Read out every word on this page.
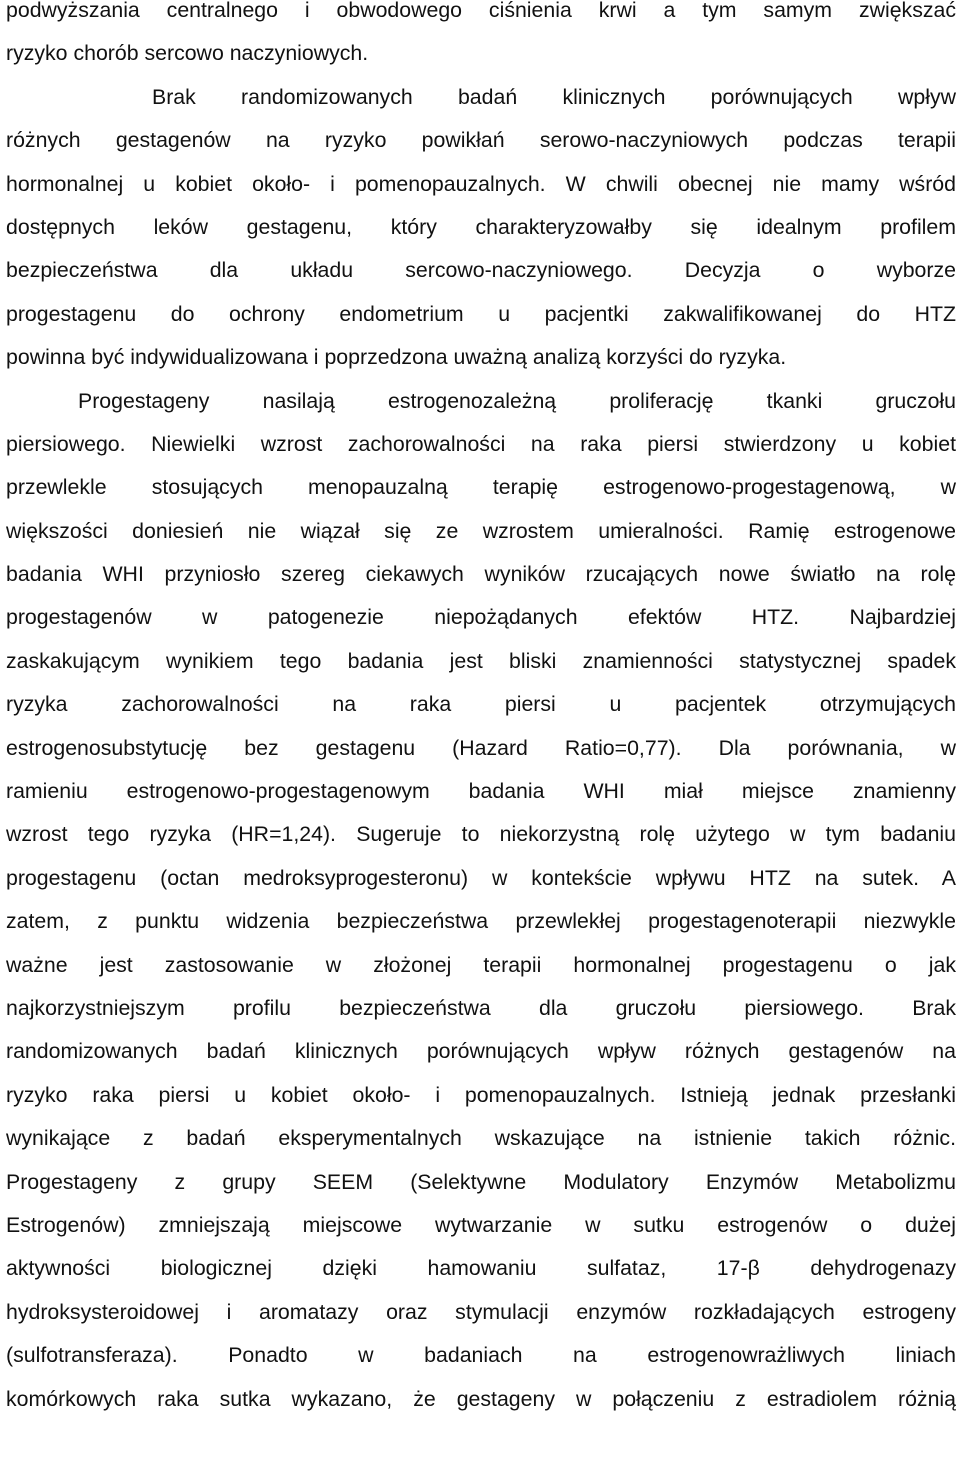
podwyższania centralnego i obwodowego ciśnienia krwi a tym samym zwiększać
ryzyko chorób sercowo naczyniowych.
Brak randomizowanych badań klinicznych porównujących wpływ
różnych gestagenów na ryzyko powikłań serowo-naczyniowych podczas terapii
hormonalnej u kobiet około- i pomenopauzalnych. W chwili obecnej nie mamy wśród
dostępnych leków gestagenu, który charakteryzowałby się idealnym profilem
bezpieczeństwa dla układu sercowo-naczyniowego. Decyzja o wyborze
progestagenu do ochrony endometrium u pacjentki zakwalifikowanej do HTZ
powinna być indywidualizowana i poprzedzona uważną analizą korzyści do ryzyka.
Progestageny nasilają estrogenozależną proliferację tkanki gruczołu
piersiowego. Niewielki wzrost zachorowalności na raka piersi stwierdzony u kobiet
przewlekle stosujących menopauzalną terapię estrogenowo-progestagenową, w
większości doniesień nie wiązał się ze wzrostem umieralności. Ramię estrogenowe
badania WHI przyniosło szereg ciekawych wyników rzucających nowe światło na rolę
progestagenów w patogenezie niepożądanych efektów HTZ. Najbardziej
zaskakującym wynikiem tego badania jest bliski znamienności statystycznej spadek
ryzyka zachorowalności na raka piersi u pacjentek otrzymujących
estrogenosubstytucję bez gestagenu (Hazard Ratio=0,77). Dla porównania, w
ramieniu estrogenowo-progestagenowym badania WHI miał miejsce znamienny
wzrost tego ryzyka (HR=1,24). Sugeruje to niekorzystną rolę użytego w tym badaniu
progestagenu (octan medroksyprogesteronu) w kontekście wpływu HTZ na sutek. A
zatem, z punktu widzenia bezpieczeństwa przewlekłej progestagenoterapii niezwykle
ważne jest zastosowanie w złożonej terapii hormonalnej progestagenu o jak
najkorzystniejszym profilu bezpieczeństwa dla gruczołu piersiowego. Brak
randomizowanych badań klinicznych porównujących wpływ różnych gestagenów na
ryzyko raka piersi u kobiet około- i pomenopauzalnych. Istnieją jednak przesłanki
wynikające z badań eksperymentalnych wskazujące na istnienie takich różnic.
Progestageny z grupy SEEM (Selektywne Modulatory Enzymów Metabolizmu
Estrogenów) zmniejszają miejscowe wytwarzanie w sutku estrogenów o dużej
aktywności biologicznej dzięki hamowaniu sulfataz, 17-β dehydrogenazy
hydroksysteroidowej i aromatazy oraz stymulacji enzymów rozkładających estrogeny
(sulfotransferaza). Ponadto w badaniach na estrogenowrażliwych liniach
komórkowych raka sutka wykazano, że gestageny w połączeniu z estradiolem różnią
